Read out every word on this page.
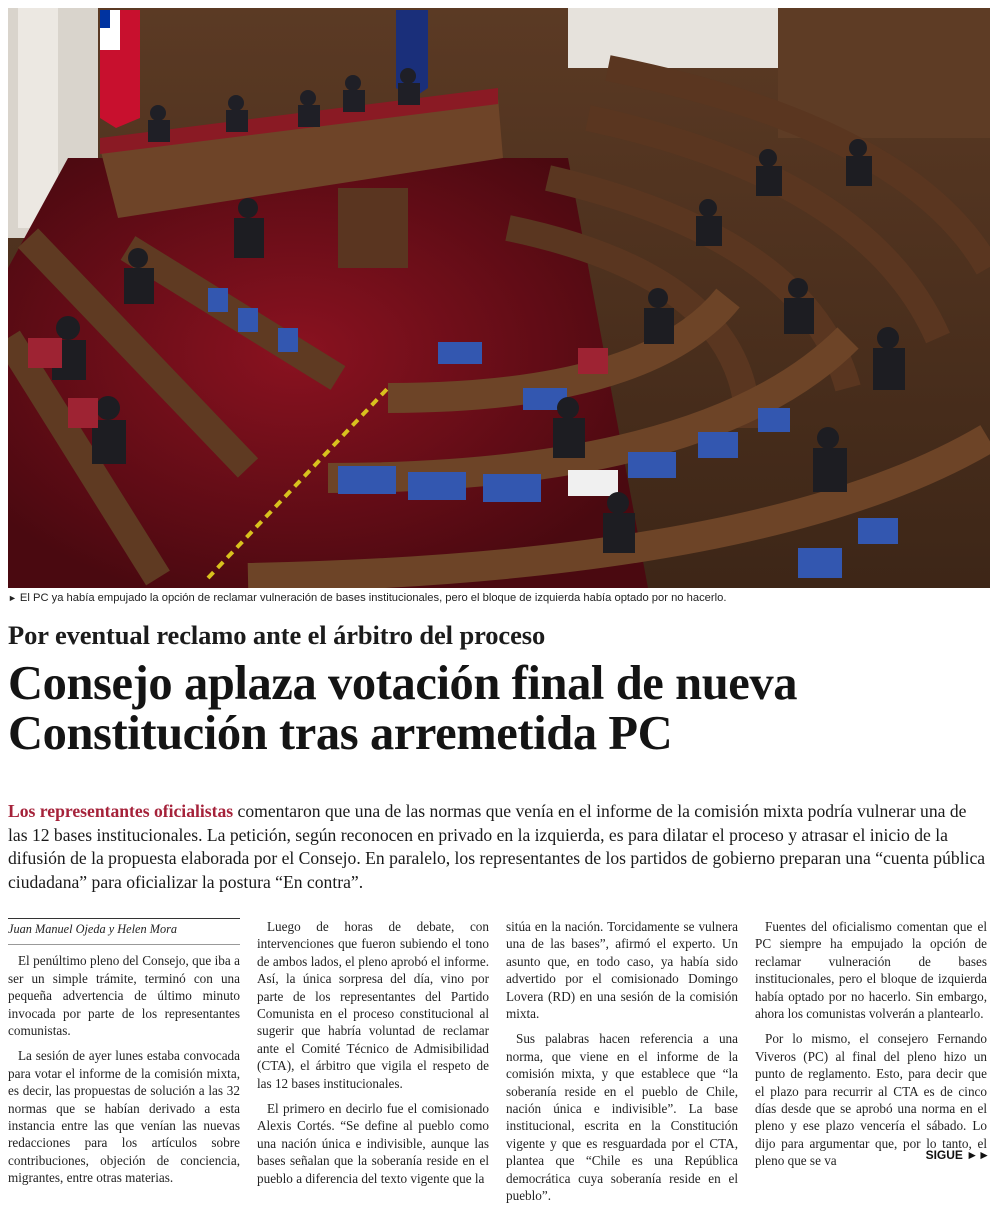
► El PC ya había empujado la opción de reclamar vulneración de bases institucionales, pero el bloque de izquierda había optado por no hacerlo.
Por eventual reclamo ante el árbitro del proceso
Consejo aplaza votación final de nueva
Constitución tras arremetida PC
Los representantes oficialistas comentaron que una de las normas que venía en el informe de la comisión mixta podría vulnerar una de las 12 bases institucionales. La petición, según reconocen en privado en la izquierda, es para dilatar el proceso y atrasar el inicio de la difusión de la propuesta elaborada por el Consejo. En paralelo, los representantes de los partidos de gobierno preparan una “cuenta pública ciudadana” para oficializar la postura “En contra”.
Juan Manuel Ojeda y Helen Mora

El penúltimo pleno del Consejo, que iba a ser un simple trámite, terminó con una pequeña advertencia de último minuto invocada por parte de los representantes comunistas.

La sesión de ayer lunes estaba convocada para votar el informe de la comisión mixta, es decir, las propuestas de solución a las 32 normas que se habían derivado a esta instancia entre las que venían las nuevas redacciones para los artículos sobre contribuciones, objeción de conciencia, migrantes, entre otras materias.

Luego de horas de debate, con intervenciones que fueron subiendo el tono de ambos lados, el pleno aprobó el informe. Así, la única sorpresa del día, vino por parte de los representantes del Partido Comunista en el proceso constitucional al sugerir que habría voluntad de reclamar ante el Comité Técnico de Admisibilidad (CTA), el árbitro que vigila el respeto de las 12 bases institucionales.

El primero en decirlo fue el comisionado Alexis Cortés. “Se define al pueblo como una nación única e indivisible, aunque las bases señalan que la soberanía reside en el pueblo a diferencia del texto vigente que la

sitúa en la nación. Torcidamente se vulnera una de las bases”, afirmó el experto. Un asunto que, en todo caso, ya había sido advertido por el comisionado Domingo Lovera (RD) en una sesión de la comisión mixta.

Sus palabras hacen referencia a una norma, que viene en el informe de la comisión mixta, y que establece que “la soberanía reside en el pueblo de Chile, nación única e indivisible”. La base institucional, escrita en la Constitución vigente y que es resguardada por el CTA, plantea que “Chile es una República democrática cuya soberanía reside en el pueblo”.

Fuentes del oficialismo comentan que el PC siempre ha empujado la opción de reclamar vulneración de bases institucionales, pero el bloque de izquierda había optado por no hacerlo. Sin embargo, ahora los comunistas volverán a plantearlo.

Por lo mismo, el consejero Fernando Viveros (PC) al final del pleno hizo un punto de reglamento. Esto, para decir que el plazo para recurrir al CTA es de cinco días desde que se aprobó una norma en el pleno y ese plazo vencería el sábado. Lo dijo para argumentar que, por lo tanto, el pleno que se va	SIGUE ►►
